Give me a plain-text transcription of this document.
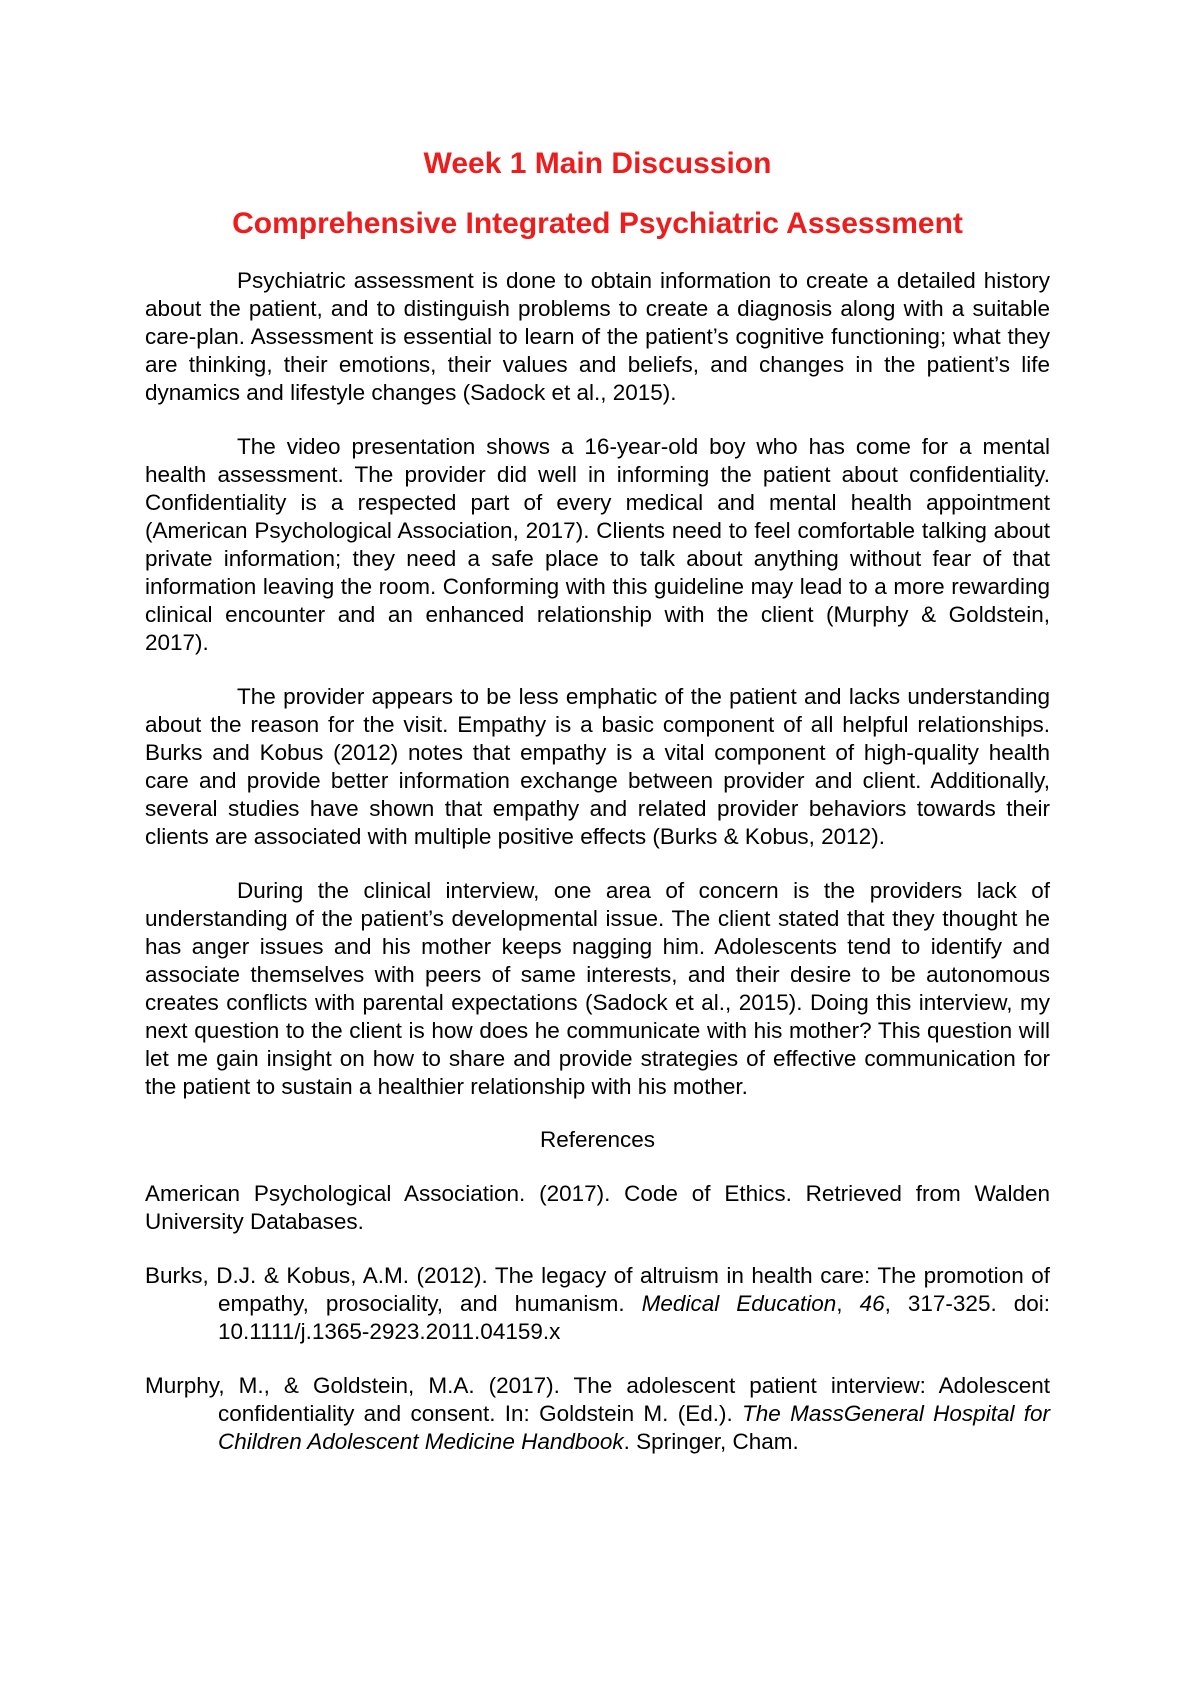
Week 1 Main Discussion
Comprehensive Integrated Psychiatric Assessment

Psychiatric assessment is done to obtain information to create a detailed history about the patient, and to distinguish problems to create a diagnosis along with a suitable care-plan. Assessment is essential to learn of the patient’s cognitive functioning; what they are thinking, their emotions, their values and beliefs, and changes in the patient’s life dynamics and lifestyle changes (Sadock et al., 2015).

The video presentation shows a 16-year-old boy who has come for a mental health assessment. The provider did well in informing the patient about confidentiality. Confidentiality is a respected part of every medical and mental health appointment (American Psychological Association, 2017). Clients need to feel comfortable talking about private information; they need a safe place to talk about anything without fear of that information leaving the room. Conforming with this guideline may lead to a more rewarding clinical encounter and an enhanced relationship with the client (Murphy & Goldstein, 2017).

The provider appears to be less emphatic of the patient and lacks understanding about the reason for the visit. Empathy is a basic component of all helpful relationships. Burks and Kobus (2012) notes that empathy is a vital component of high-quality health care and provide better information exchange between provider and client. Additionally, several studies have shown that empathy and related provider behaviors towards their clients are associated with multiple positive effects (Burks & Kobus, 2012).

During the clinical interview, one area of concern is the providers lack of understanding of the patient’s developmental issue. The client stated that they thought he has anger issues and his mother keeps nagging him. Adolescents tend to identify and associate themselves with peers of same interests, and their desire to be autonomous creates conflicts with parental expectations (Sadock et al., 2015). Doing this interview, my next question to the client is how does he communicate with his mother? This question will let me gain insight on how to share and provide strategies of effective communication for the patient to sustain a healthier relationship with his mother.

References

American Psychological Association. (2017). Code of Ethics. Retrieved from Walden University Databases.

Burks, D.J. & Kobus, A.M. (2012). The legacy of altruism in health care: The promotion of empathy, prosociality, and humanism. Medical Education, 46, 317-325. doi: 10.1111/j.1365-2923.2011.04159.x

Murphy, M., & Goldstein, M.A. (2017). The adolescent patient interview: Adolescent confidentiality and consent. In: Goldstein M. (Ed.). The MassGeneral Hospital for Children Adolescent Medicine Handbook. Springer, Cham.
